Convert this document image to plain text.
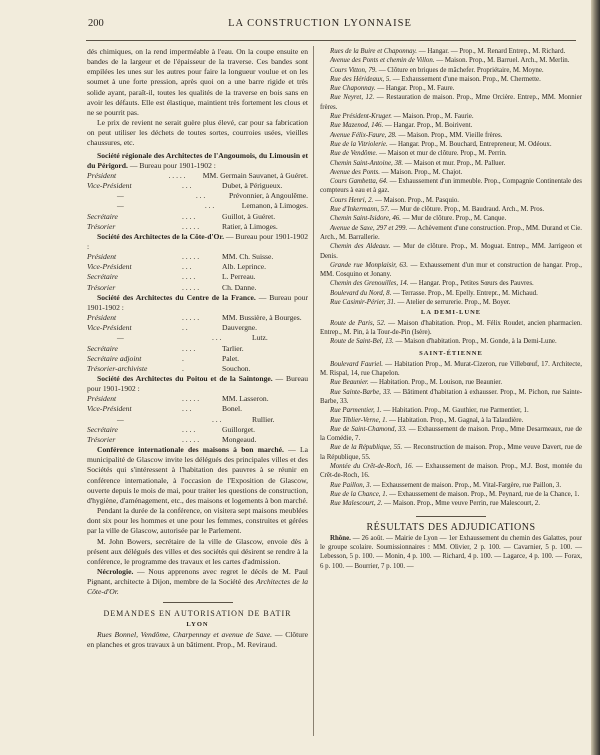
200	LA CONSTRUCTION LYONNAISE

dés chimiques, on la rend imperméable à l'eau. On la coupe ensuite en bandes de la largeur et de l'épaisseur de la traverse. Ces bandes sont empilées les unes sur les autres pour faire la longueur voulue et on les soumet à une forte pression, après quoi on a une barre rigide et très solide ayant, paraît-il, toutes les qualités de la traverse en bois sans en avoir les défauts. Elle est élastique, maintient très fortement les clous et ne se pourrit pas.

Le prix de revient ne serait guère plus élevé, car pour sa fabrication on peut utiliser les déchets de toutes sortes, courroies usées, vieilles chaussures, etc.

Société régionale des Architectes de l'Angoumois, du Limousin et du Périgord. — Bureau pour 1901-1902 :

Président	. . . . .	MM. Germain Sauvanet, à Guéret.
Vice-Président	. . .	Dubet, à Périgueux.
—	. . .	Prévonnier, à Angoulême.
—	. . .	Lemanon, à Limoges.
Secrétaire	. . . .	Guillot, à Guéret.
Trésorier	. . . . .	Ratier, à Limoges.

Société des Architectes de la Côte-d'Or. — Bureau pour 1901-1902 :

Président	. . . . .	MM. Ch. Suisse.
Vice-Président	. . .	Alb. Leprince.
Secrétaire	. . . .	L. Perreau.
Trésorier	. . . . .	Ch. Danne.

Société des Architectes du Centre de la France. — Bureau pour 1901-1902 :

Président	. . . . .	MM. Bussière, à Bourges.
Vice-Président	. .	Dauvergne.
—	. . .	Lutz.
Secrétaire	. . . .	Tarlier.
Secrétaire adjoint	.	Palet.
Trésorier-archiviste	.	Souchon.

Société des Architectes du Poitou et de la Saintonge. — Bureau pour 1901-1902 :

Président	. . . . .	MM. Lasseron.
Vice-Président	. . .	Bonel.
—	. . .	Rullier.
Secrétaire	. . . .	Guillorget.
Trésorier	. . . . .	Mongeaud.

Conférence internationale des maisons à bon marché. — La municipalité de Glascow invite les délégués des principales villes et des Sociétés qui s'intéressent à l'habitation des pauvres à se réunir en conférence internationale, à l'occasion de l'Exposition de Glascow, ouverte depuis le mois de mai, pour traiter les questions de construction, d'hygiène, d'aménagement, etc., des maisons et logements à bon marché.

Pendant la durée de la conférence, on visitera sept maisons meublées dont six pour les hommes et une pour les femmes, construites et gérées par la ville de Glascow, autorisée par le Parlement.

M. John Bowers, secrétaire de la ville de Glascow, envoie dès à présent aux délégués des villes et des sociétés qui désirent se rendre à la conférence, le programme des travaux et les cartes d'admission.

Nécrologie. — Nous apprenons avec regret le décès de M. Paul Pignant, architecte à Dijon, membre de la Société des Architectes de la Côte-d'Or.

DEMANDES EN AUTORISATION DE BATIR
LYON

Rues Bonnel, Vendôme, Charpennay et avenue de Saxe. — Clôture en planches et gros travaux à un bâtiment. Prop., M. Reviraud.

Rues de la Buire et Chaponnay. — Hangar. — Prop., M. Renard Entrep., M. Richard.

Avenue des Ponts et chemin de Villon. — Maison. Prop., M. Barruel. Arch., M. Merlin.

Cours Vitton, 79. — Clôture en briques de mâchefer. Propriétaire, M. Moyne.

Rue des Hérideaux, 5. — Exhaussement d'une maison. Prop., M. Chermette.

Rue Chaponnay. — Hangar. Prop., M. Faure.

Rue Neyret, 12. — Restauration de maison. Prop., Mme Orcière. Entrep., MM. Monnier frères.

Rue Président-Kruger. — Maison. Prop., M. Faurie.

Rue Mazenod, 146. — Hangar. Prop., M. Boirivent.

Avenue Félix-Faure, 28. — Maison. Prop., MM. Vieille frères.

Rue de la Vitriolerie. — Hangar. Prop., M. Bouchard, Entrepreneur, M. Odéoux.

Rue de Vendôme. — Maison et mur de clôture. Prop., M. Perrin.

Chemin Saint-Antoine, 38. — Maison et mur. Prop., M. Palluer.

Avenue des Ponts. — Maison. Prop., M. Chajot.

Cours Gambetta, 64. — Exhaussement d'un immeuble. Prop., Compagnie Continentale des compteurs à eau et à gaz.

Cours Henri, 2. — Maison. Prop., M. Pasquio.

Rue d'Inkermann, 57. — Mur de clôture. Prop., M. Baudraud. Arch., M. Pros.

Chemin Saint-Isidore, 46. — Mur de clôture. Prop., M. Canque.

Avenue de Saxe, 297 et 299. — Achèvement d'une construction. Prop., MM. Durand et Cie. Arch., M. Barrallerie.

Chemin des Aldeaux. — Mur de clôture. Prop., M. Moguat. Entrep., MM. Jarrigeon et Denis.

Grande rue Monplaisir, 63. — Exhaussement d'un mur et construction de hangar. Prop., MM. Cosquino et Jonany.

Chemin des Grenouilles, 14. — Hangar. Prop., Petites Sœurs des Pauvres.

Boulevard du Nord, 8. — Terrasse. Prop., M. Epelly. Entrepr., M. Michaud.

Rue Casimir-Périer, 31. — Atelier de serrurerie. Prop., M. Boyer.

LA DEMI-LUNE

Route de Paris, 52. — Maison d'habitation. Prop., M. Félix Roudet, ancien pharmacien. Entrep., M. Pin, à la Tour-de-Pin (Isère).

Route de Saint-Bel, 13. — Maison d'habitation. Prop., M. Gonde, à la Demi-Lune.

SAINT-ÉTIENNE

Boulevard Fauriel. — Habitation Prop., M. Murat-Cizeron, rue Villebœuf, 17. Architecte, M. Rispal, 14, rue Chapelon.

Rue Beaunier. — Habitation. Prop., M. Louison, rue Beaunier.

Rue Sainte-Barbe, 33. — Bâtiment d'habitation à exhausser. Prop., M. Pichon, rue Sainte-Barbe, 33.

Rue Parmentier, 1. — Habitation. Prop., M. Gauthier, rue Parmentier, 1.

Rue Tiblier-Verne, 1. — Habitation. Prop., M. Gagnal, à la Talaudière.

Rue de Saint-Chamond, 33. — Exhaussement de maison. Prop., Mme Desarmeaux, rue de la Comédie, 7.

Rue de la République, 55. — Reconstruction de maison. Prop., Mme veuve Davert, rue de la République, 55.

Montée du Crêt-de-Roch, 16. — Exhaussement de maison. Prop., M.J. Bost, montée du Crêt-de-Roch, 16.

Rue Paillon, 3. — Exhaussement de maison. Prop., M. Vital-Fargère, rue Paillon, 3.

Rue de la Chance, 1. — Exhaussement de maison. Prop., M. Peynard, rue de la Chance, 1.

Rue Malescourt, 2. — Maison. Prop., Mme veuve Perrin, rue Malescourt, 2.

RÉSULTATS DES ADJUDICATIONS

Rhône. — 26 août. — Mairie de Lyon — 1er Exhaussement du chemin des Galattes, pour le groupe scolaire. Soumissionnaires : MM. Olivier, 2 p. 100. — Cavarnier, 5 p. 100. — Lebesson, 5 p. 100. — Monin, 4 p. 100. — Richard, 4 p. 100. — Lagarce, 4 p. 100. — Forax, 6 p. 100. — Bourrier, 7 p. 100. —
